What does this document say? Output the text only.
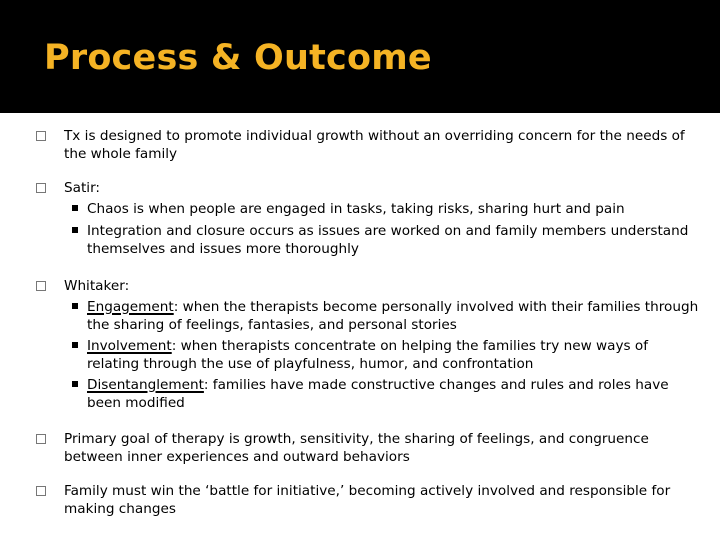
Process & Outcome

Tx is designed to promote individual growth without an overriding concern for the needs of the whole family

Satir:

Chaos is when people are engaged in tasks, taking risks, sharing hurt and pain

Integration and closure occurs as issues are worked on and family members understand themselves and issues more thoroughly

Whitaker:

Engagement: when the therapists become personally involved with their families through the sharing of feelings, fantasies, and personal stories

Involvement: when therapists concentrate on helping the families try new ways of relating through the use of playfulness, humor, and confrontation

Disentanglement: families have made constructive changes and rules and roles have been modified

Primary goal of therapy is growth, sensitivity, the sharing of feelings, and congruence between inner experiences and outward behaviors

Family must win the ‘battle for initiative,’ becoming actively involved and responsible for making changes
